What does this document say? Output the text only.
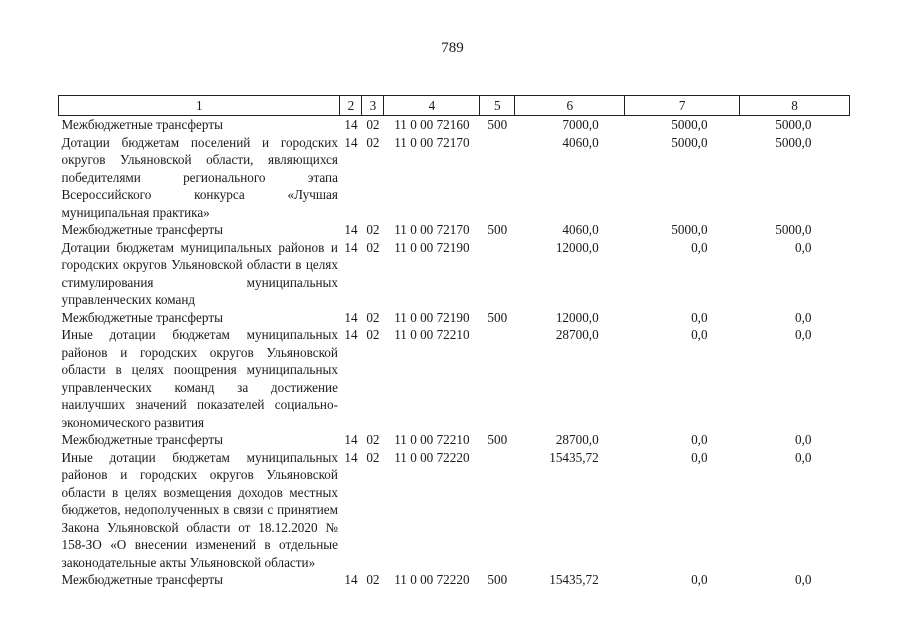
789
1	2	3	4	5	6	7	8
Межбюджетные трансферты	14	02	11 0 00 72160	500	7000,0	5000,0	5000,0
Дотации бюджетам поселений и городских округов Ульяновской области, являющихся победителями регионального этапа Всероссийского конкурса «Лучшая муниципальная практика»	14	02	11 0 00 72170		4060,0	5000,0	5000,0
Межбюджетные трансферты	14	02	11 0 00 72170	500	4060,0	5000,0	5000,0
Дотации бюджетам муниципальных районов и городских округов Ульяновской области в целях стимулирования муниципальных управленческих команд	14	02	11 0 00 72190		12000,0	0,0	0,0
Межбюджетные трансферты	14	02	11 0 00 72190	500	12000,0	0,0	0,0
Иные дотации бюджетам муниципальных районов и городских округов Ульяновской области в целях поощрения муниципальных управленческих команд за достижение наилучших значений показателей социально-экономического развития	14	02	11 0 00 72210		28700,0	0,0	0,0
Межбюджетные трансферты	14	02	11 0 00 72210	500	28700,0	0,0	0,0
Иные дотации бюджетам муниципальных районов и городских округов Ульяновской области в целях возмещения доходов местных бюджетов, недополученных в связи с принятием Закона Ульяновской области от 18.12.2020 № 158-ЗО «О внесении изменений в отдельные законодательные акты Ульяновской области»	14	02	11 0 00 72220		15435,72	0,0	0,0
Межбюджетные трансферты	14	02	11 0 00 72220	500	15435,72	0,0	0,0
